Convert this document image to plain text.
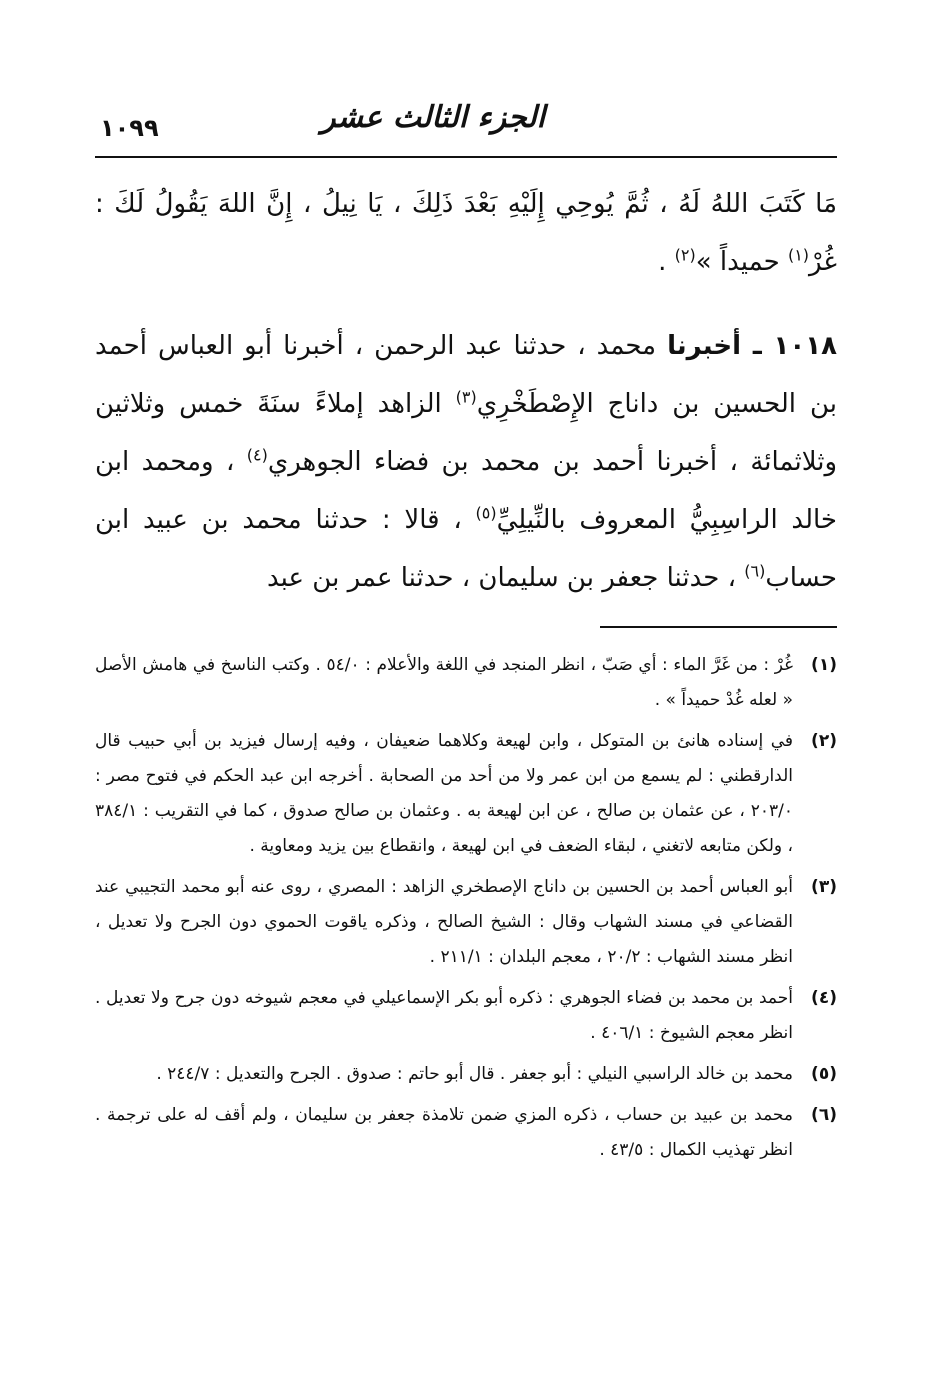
١٠٩٩	الجزء الثالث عشر

مَا كَتَبَ اللهُ لَهُ ، ثُمَّ يُوحِي إِلَيْهِ بَعْدَ ذَلِكَ ، يَا نِيلُ ، إِنَّ اللهَ يَقُولُ لَكَ : غُرْ$^{(١)}$ حميداً »$^{(٢)}$ .

١٠١٨ ـ أخبرنا محمد ، حدثنا عبد الرحمن ، أخبرنا أبو العباس أحمد بن الحسين بن داناج الإِصْطَخْرِي$^{(٣)}$ الزاهد إملاءً سنَةَ خمس وثلاثين وثلاثمائة ، أخبرنا أحمد بن محمد بن فضاء الجوهري$^{(٤)}$ ، ومحمد ابن خالد الراسِبِيُّ المعروف بالنِّيلِيِّ$^{(٥)}$ ، قالا : حدثنا محمد بن عبيد ابن حساب$^{(٦)}$ ، حدثنا جعفر بن سليمان ، حدثنا عمر بن عبد

(١)
غُرْ : من غَرَّ الماء : أي صَبّ ، انظر المنجد في اللغة والأعلام : ٥٤/٠ . وكتب الناسخ في هامش الأصل « لعله غُدْ حميداً » .
(٢)
في إسناده هانئ بن المتوكل ، وابن لهيعة وكلاهما ضعيفان ، وفيه إرسال فيزيد بن أبي حبيب قال الدارقطني : لم يسمع من ابن عمر ولا من أحد من الصحابة . أخرجه ابن عبد الحكم في فتوح مصر : ٢٠٣/٠ ، عن عثمان بن صالح ، عن ابن لهيعة به . وعثمان بن صالح صدوق ، كما في التقريب : ٣٨٤/١ ، ولكن متابعه لاتغني ، لبقاء الضعف في ابن لهيعة ، وانقطاع بين يزيد ومعاوية .
(٣)
أبو العباس أحمد بن الحسين بن داناج الإصطخري الزاهد : المصري ، روى عنه أبو محمد التجيبي عند القضاعي في مسند الشهاب وقال : الشيخ الصالح ، وذكره ياقوت الحموي دون الجرح ولا تعديل ، انظر مسند الشهاب : ٢٠/٢ ، معجم البلدان : ٢١١/١ .
(٤)
أحمد بن محمد بن فضاء الجوهري : ذكره أبو بكر الإسماعيلي في معجم شيوخه دون جرح ولا تعديل . انظر معجم الشيوخ : ٤٠٦/١ .
(٥)
محمد بن خالد الراسبي النيلي : أبو جعفر . قال أبو حاتم : صدوق . الجرح والتعديل : ٢٤٤/٧ .
(٦)
محمد بن عبيد بن حساب ، ذكره المزي ضمن تلامذة جعفر بن سليمان ، ولم أقف له على ترجمة . انظر تهذيب الكمال : ٤٣/٥ .
